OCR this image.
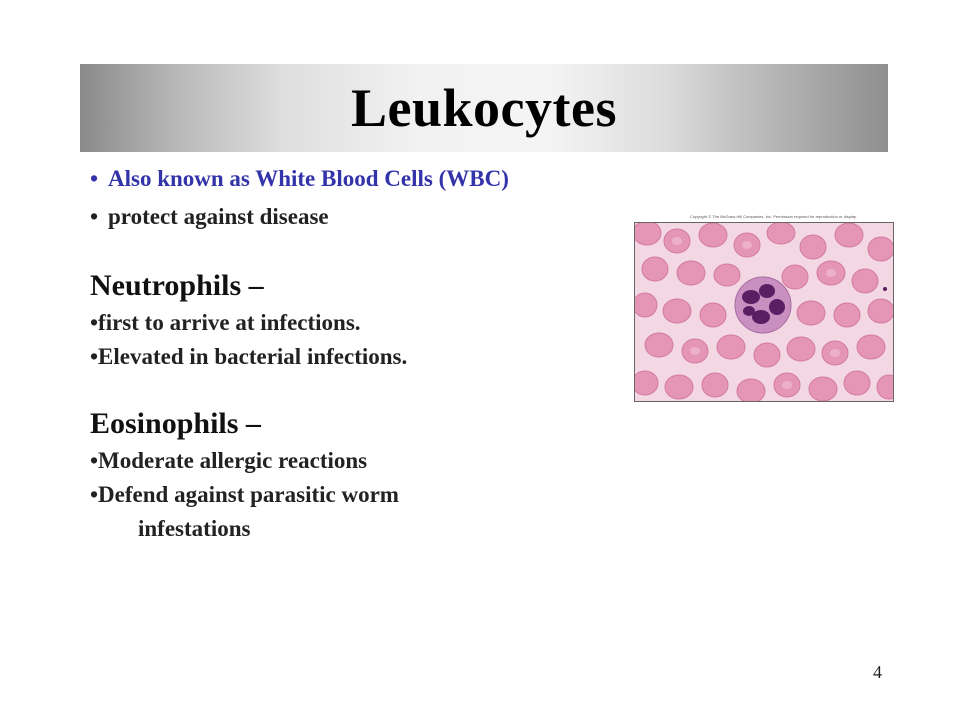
Leukocytes
• Also known as White Blood Cells (WBC)
• protect against disease
Neutrophils –
•first to arrive at infections.
•Elevated in bacterial infections.
Eosinophils –
•Moderate allergic reactions
•Defend against parasitic worm
infestations
Copyright © The McGraw-Hill Companies, Inc. Permission required for reproduction or display.
4
